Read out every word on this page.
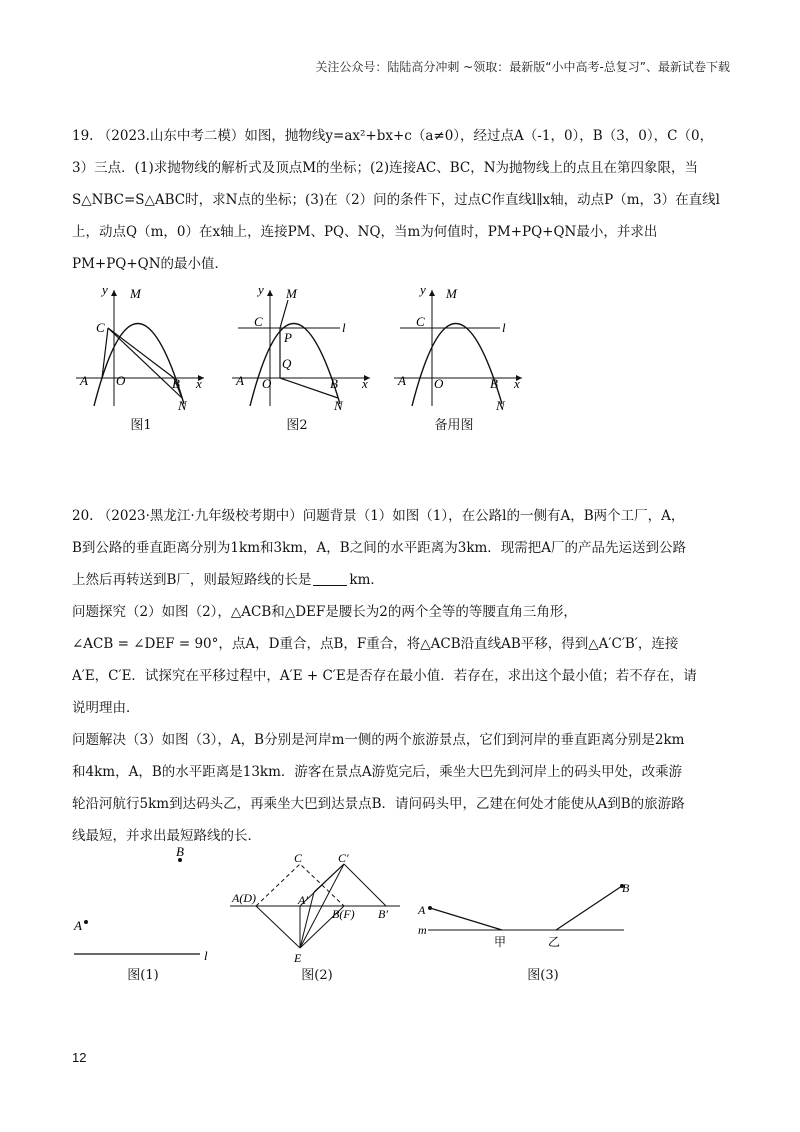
关注公众号：陆陆高分冲刺 ~领取：最新版“小中高考-总复习”、最新试卷下载
19. （2023.山东中考二模）如图，抛物线y=ax²+bx+c（a≠0），经过点A（-1，0），B（3，0），C（0，
3）三点．(1)求抛物线的解析式及顶点M的坐标；(2)连接AC、BC，N为抛物线上的点且在第四象限，当
S△NBC=S△ABC时，求N点的坐标；(3)在（2）问的条件下，过点C作直线l∥x轴，动点P（m，3）在直线l
上，动点Q（m，0）在x轴上，连接PM、PQ、NQ，当m为何值时，PM+PQ+QN最小，并求出
PM+PQ+QN的最小值．
y M
C
A O	B x
N
图1
y M
C	l
P
Q
A O	B x
N
图2
y M
C	l
A O	B x
N
备用图
20. （2023·黑龙江·九年级校考期中）问题背景（1）如图（1），在公路l的一侧有A，B两个工厂，A，
B到公路的垂直距离分别为1km和3km，A，B之间的水平距离为3km．现需把A厂的产品先运送到公路
上然后再转送到B厂，则最短路线的长是	km．
问题探究（2）如图（2），△ACB和△DEF是腰长为2的两个全等的等腰直角三角形，
∠ACB = ∠DEF = 90°，点A，D重合，点B，F重合，将△ACB沿直线AB平移，得到△A′C′B′，连接
A′E，C′E．试探究在平移过程中，A′E + C′E是否存在最小值．若存在，求出这个最小值；若不存在，请
说明理由．
问题解决（3）如图（3），A，B分别是河岸m一侧的两个旅游景点，它们到河岸的垂直距离分别是2km
和4km，A，B的水平距离是13km．游客在景点A游览完后，乘坐大巴先到河岸上的码头甲处，改乘游
轮沿河航行5km到达码头乙，再乘坐大巴到达景点B．请问码头甲，乙建在何处才能使从A到B的旅游路
线最短，并求出最短路线的长．
B
A
l
图(1)
C	C′
A(D)	A′
B(F) B′
E
图(2)
m
A
B
甲	乙
图(3)
12
